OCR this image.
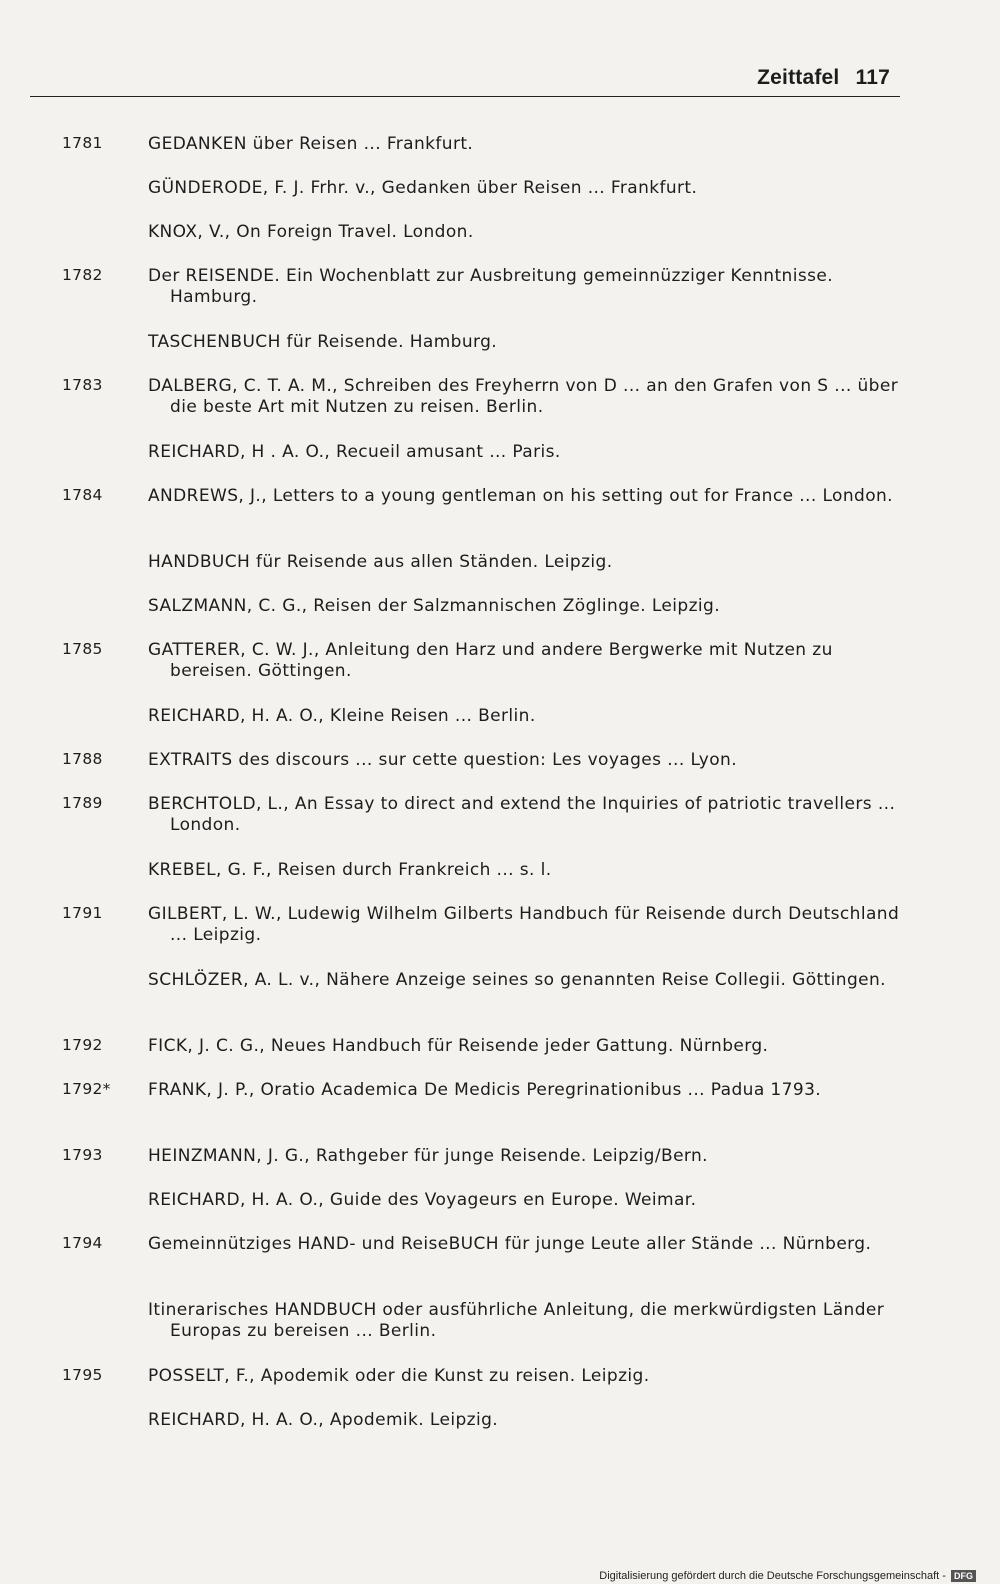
Zeittafel 117
1781	GEDANKEN über Reisen ... Frankfurt.
GÜNDERODE, F. J. Frhr. v., Gedanken über Reisen ... Frankfurt.
KNOX, V., On Foreign Travel. London.
1782	Der REISENDE. Ein Wochenblatt zur Ausbreitung gemeinnüzziger Kenntnisse. Hamburg.
TASCHENBUCH für Reisende. Hamburg.
1783	DALBERG, C. T. A. M., Schreiben des Freyherrn von D ... an den Grafen von S ... über die beste Art mit Nutzen zu reisen. Berlin.
REICHARD, H . A. O., Recueil amusant ... Paris.
1784	ANDREWS, J., Letters to a young gentleman on his setting out for France ... London.
HANDBUCH für Reisende aus allen Ständen. Leipzig.
SALZMANN, C. G., Reisen der Salzmannischen Zöglinge. Leipzig.
1785	GATTERER, C. W. J., Anleitung den Harz und andere Bergwerke mit Nutzen zu bereisen. Göttingen.
REICHARD, H. A. O., Kleine Reisen ... Berlin.
1788	EXTRAITS des discours ... sur cette question: Les voyages ... Lyon.
1789	BERCHTOLD, L., An Essay to direct and extend the Inquiries of patriotic travellers ... London.
KREBEL, G. F., Reisen durch Frankreich ... s. l.
1791	GILBERT, L. W., Ludewig Wilhelm Gilberts Handbuch für Reisende durch Deutschland ... Leipzig.
SCHLÖZER, A. L. v., Nähere Anzeige seines so genannten Reise Collegii. Göttingen.
1792	FICK, J. C. G., Neues Handbuch für Reisende jeder Gattung. Nürnberg.
1792*	FRANK, J. P., Oratio Academica De Medicis Peregrinationibus ... Padua 1793.
1793	HEINZMANN, J. G., Rathgeber für junge Reisende. Leipzig/Bern.
REICHARD, H. A. O., Guide des Voyageurs en Europe. Weimar.
1794	Gemeinnütziges HAND- und ReiseBUCH für junge Leute aller Stände ... Nürnberg.
Itinerarisches HANDBUCH oder ausführliche Anleitung, die merkwürdigsten Länder Europas zu bereisen ... Berlin.
1795	POSSELT, F., Apodemik oder die Kunst zu reisen. Leipzig.
REICHARD, H. A. O., Apodemik. Leipzig.
Digitalisierung gefördert durch die Deutsche Forschungsgemeinschaft - DFG
